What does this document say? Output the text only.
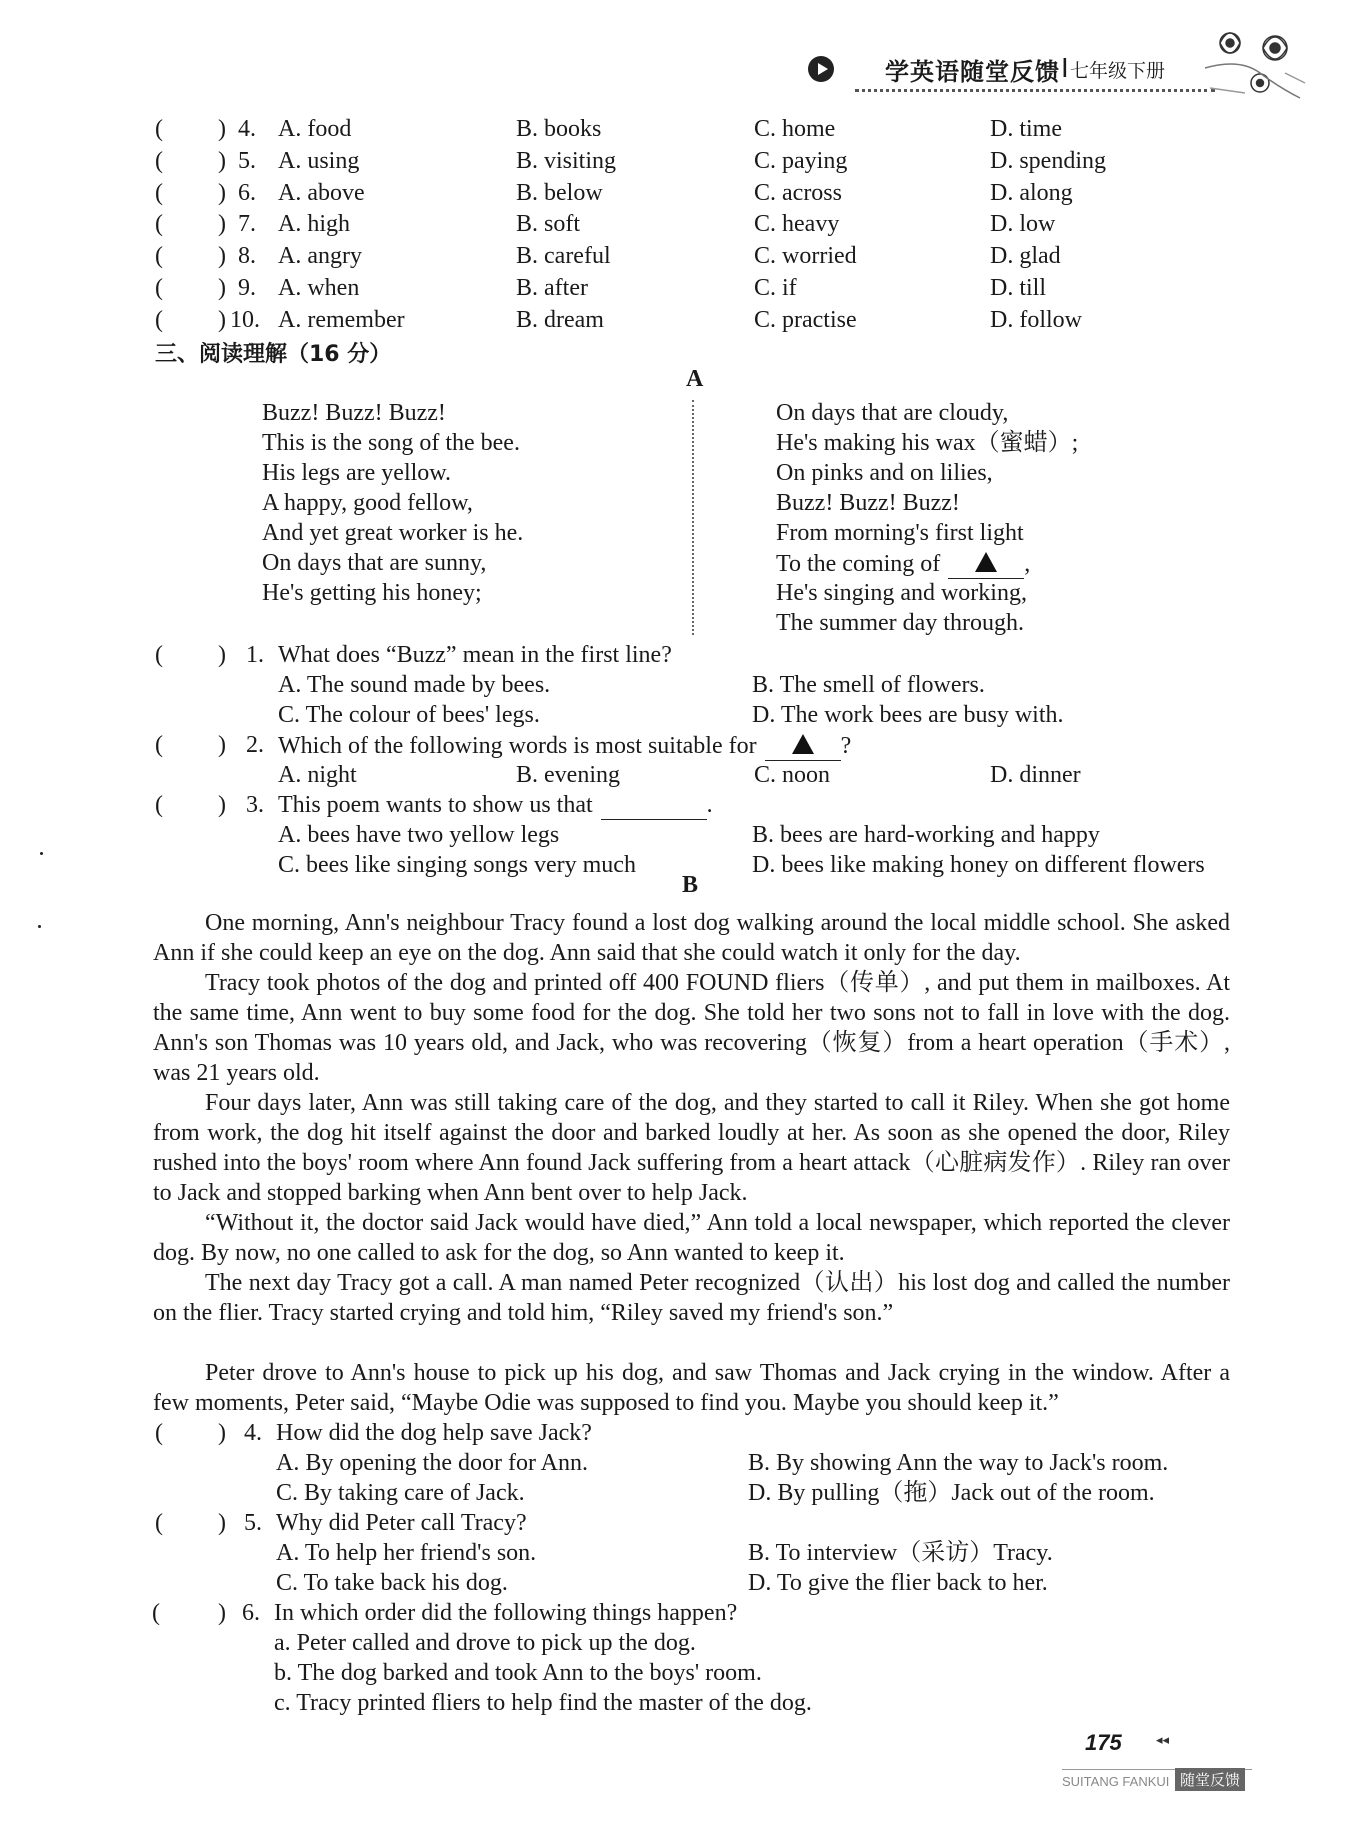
学英语随堂反馈 I 七年级下册
三、阅读理解（16 分）
A
B
175	◂◂
SUITANG FANKUI 随堂反馈
( ) 4. A. food	B. books	C. home	D. time
( ) 5. A. using	B. visiting	C. paying	D. spending
( ) 6. A. above	B. below	C. across	D. along
( ) 7. A. high	B. soft	C. heavy	D. low
( ) 8. A. angry	B. careful	C. worried	D. glad
( ) 9. A. when	B. after	C. if	D. till
( ) 10. A. remember	B. dream	C. practise	D. follow
Buzz! Buzz! Buzz!
This is the song of the bee.
His legs are yellow.
A happy, good fellow,
And yet great worker is he.
On days that are sunny,
He's getting his honey;
On days that are cloudy,
He's making his wax（蜜蜡）;
On pinks and on lilies,
Buzz! Buzz! Buzz!
From morning's first light
To the coming of	,
He's singing and working,
The summer day through.
( ) 1. What does “Buzz” mean in the first line?
A. The sound made by bees.	B. The smell of flowers.
C. The colour of bees' legs.	D. The work bees are busy with.
( ) 2. Which of the following words is most suitable for	?
A. night	B. evening	C. noon	D. dinner
( ) 3. This poem wants to show us that	.
A. bees have two yellow legs	B. bees are hard-working and happy
C. bees like singing songs very much	D. bees like making honey on different flowers
One morning, Ann's neighbour Tracy found a lost dog walking around the local middle school. She asked Ann if she could keep an eye on the dog. Ann said that she could watch it only for the day.
Tracy took photos of the dog and printed off 400 FOUND fliers（传单）, and put them in mailboxes. At the same time, Ann went to buy some food for the dog. She told her two sons not to fall in love with the dog. Ann's son Thomas was 10 years old, and Jack, who was recovering（恢复）from a heart operation（手术）, was 21 years old.
Four days later, Ann was still taking care of the dog, and they started to call it Riley. When she got home from work, the dog hit itself against the door and barked loudly at her. As soon as she opened the door, Riley rushed into the boys' room where Ann found Jack suffering from a heart attack（心脏病发作）. Riley ran over to Jack and stopped barking when Ann bent over to help Jack.
“Without it, the doctor said Jack would have died,” Ann told a local newspaper, which reported the clever dog. By now, no one called to ask for the dog, so Ann wanted to keep it.
The next day Tracy got a call. A man named Peter recognized（认出）his lost dog and called the number on the flier. Tracy started crying and told him, “Riley saved my friend's son.”
Peter drove to Ann's house to pick up his dog, and saw Thomas and Jack crying in the window. After a few moments, Peter said, “Maybe Odie was supposed to find you. Maybe you should keep it.”
( ) 4. How did the dog help save Jack?
A. By opening the door for Ann.	B. By showing Ann the way to Jack's room.
C. By taking care of Jack.	D. By pulling（拖）Jack out of the room.
( ) 5. Why did Peter call Tracy?
A. To help her friend's son.	B. To interview（采访）Tracy.
C. To take back his dog.	D. To give the flier back to her.
( ) 6. In which order did the following things happen?
a. Peter called and drove to pick up the dog.
b. The dog barked and took Ann to the boys' room.
c. Tracy printed fliers to help find the master of the dog.
